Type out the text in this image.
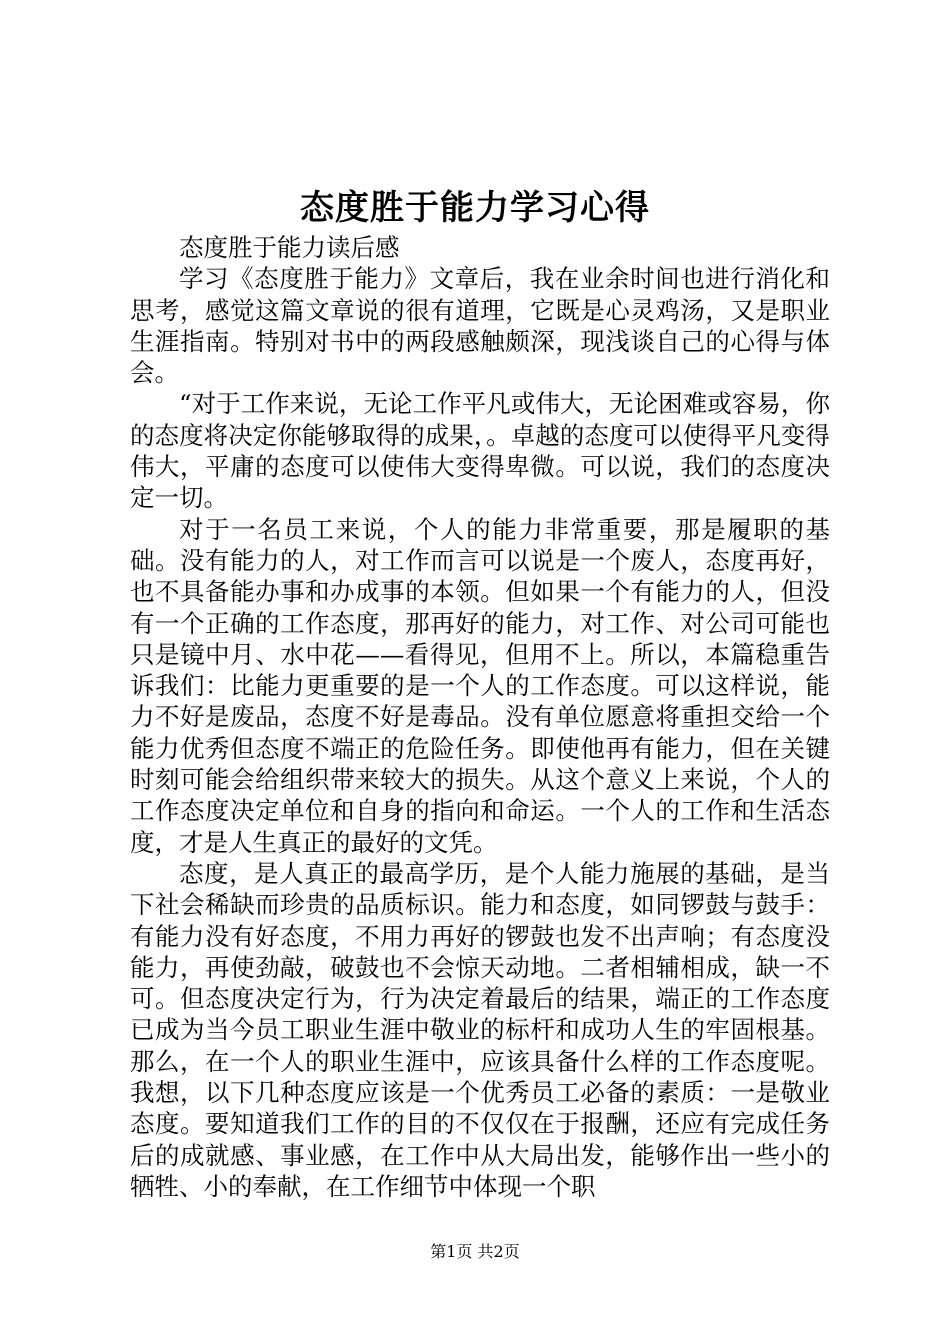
态度胜于能力学习心得

态度胜于能力读后感

学习《态度胜于能力》文章后，我在业余时间也进行消化和思考，感觉这篇文章说的很有道理，它既是心灵鸡汤，又是职业生涯指南。特别对书中的两段感触颇深，现浅谈自己的心得与体会。

“对于工作来说，无论工作平凡或伟大，无论困难或容易，你的态度将决定你能够取得的成果，。卓越的态度可以使得平凡变得伟大，平庸的态度可以使伟大变得卑微。可以说，我们的态度决定一切。

对于一名员工来说，个人的能力非常重要，那是履职的基础。没有能力的人，对工作而言可以说是一个废人，态度再好，也不具备能办事和办成事的本领。但如果一个有能力的人，但没有一个正确的工作态度，那再好的能力，对工作、对公司可能也只是镜中月、水中花——看得见，但用不上。所以，本篇稳重告诉我们：比能力更重要的是一个人的工作态度。可以这样说，能力不好是废品，态度不好是毒品。没有单位愿意将重担交给一个能力优秀但态度不端正的危险任务。即使他再有能力，但在关键时刻可能会给组织带来较大的损失。从这个意义上来说，个人的工作态度决定单位和自身的指向和命运。一个人的工作和生活态度，才是人生真正的最好的文凭。

态度，是人真正的最高学历，是个人能力施展的基础，是当下社会稀缺而珍贵的品质标识。能力和态度，如同锣鼓与鼓手：有能力没有好态度，不用力再好的锣鼓也发不出声响；有态度没能力，再使劲敲，破鼓也不会惊天动地。二者相辅相成，缺一不可。但态度决定行为，行为决定着最后的结果，端正的工作态度已成为当今员工职业生涯中敬业的标杆和成功人生的牢固根基。那么，在一个人的职业生涯中，应该具备什么样的工作态度呢。我想，以下几种态度应该是一个优秀员工必备的素质：一是敬业态度。要知道我们工作的目的不仅仅在于报酬，还应有完成任务后的成就感、事业感，在工作中从大局出发，能够作出一些小的牺牲、小的奉献，在工作细节中体现一个职

第1页 共2页
